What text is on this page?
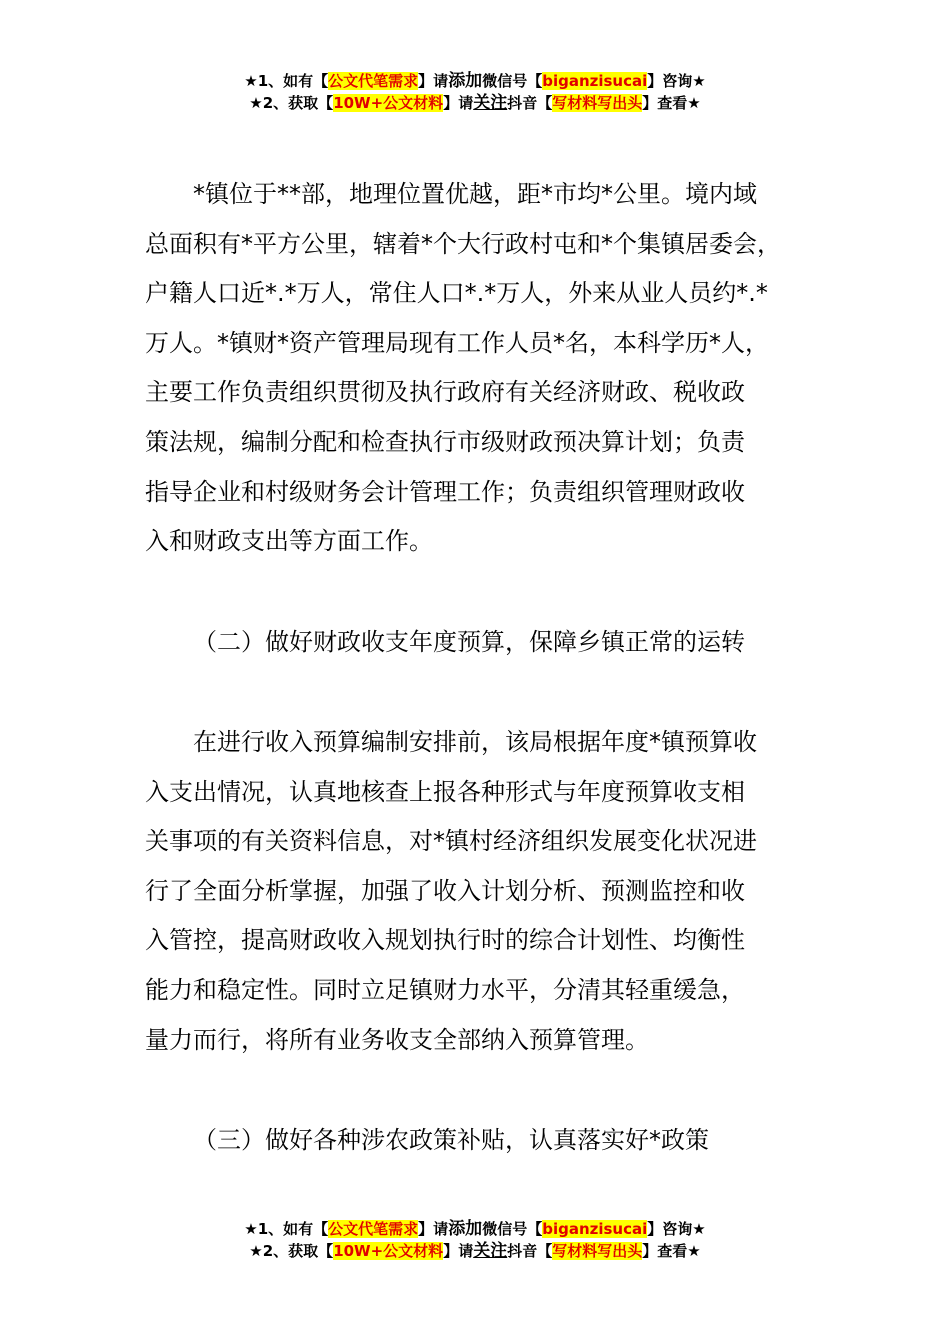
★1、如有【公文代笔需求】请添加微信号【biganzisucai】咨询★
★2、获取【10W+公文材料】请关注抖音【写材料写出头】查看★
*镇位于**部，地理位置优越，距*市均*公里。境内域
总面积有*平方公里，辖着*个大行政村屯和*个集镇居委会，
户籍人口近*.*万人，常住人口*.*万人，外来从业人员约*.*
万人。*镇财*资产管理局现有工作人员*名，本科学历*人，
主要工作负责组织贯彻及执行政府有关经济财政、税收政
策法规，编制分配和检查执行市级财政预决算计划；负责
指导企业和村级财务会计管理工作；负责组织管理财政收
入和财政支出等方面工作。

（二）做好财政收支年度预算，保障乡镇正常的运转

在进行收入预算编制安排前，该局根据年度*镇预算收
入支出情况，认真地核查上报各种形式与年度预算收支相
关事项的有关资料信息，对*镇村经济组织发展变化状况进
行了全面分析掌握，加强了收入计划分析、预测监控和收
入管控，提高财政收入规划执行时的综合计划性、均衡性
能力和稳定性。同时立足镇财力水平，分清其轻重缓急，
量力而行，将所有业务收支全部纳入预算管理。

（三）做好各种涉农政策补贴，认真落实好*政策

★1、如有【公文代笔需求】请添加微信号【biganzisucai】咨询★
★2、获取【10W+公文材料】请关注抖音【写材料写出头】查看★
